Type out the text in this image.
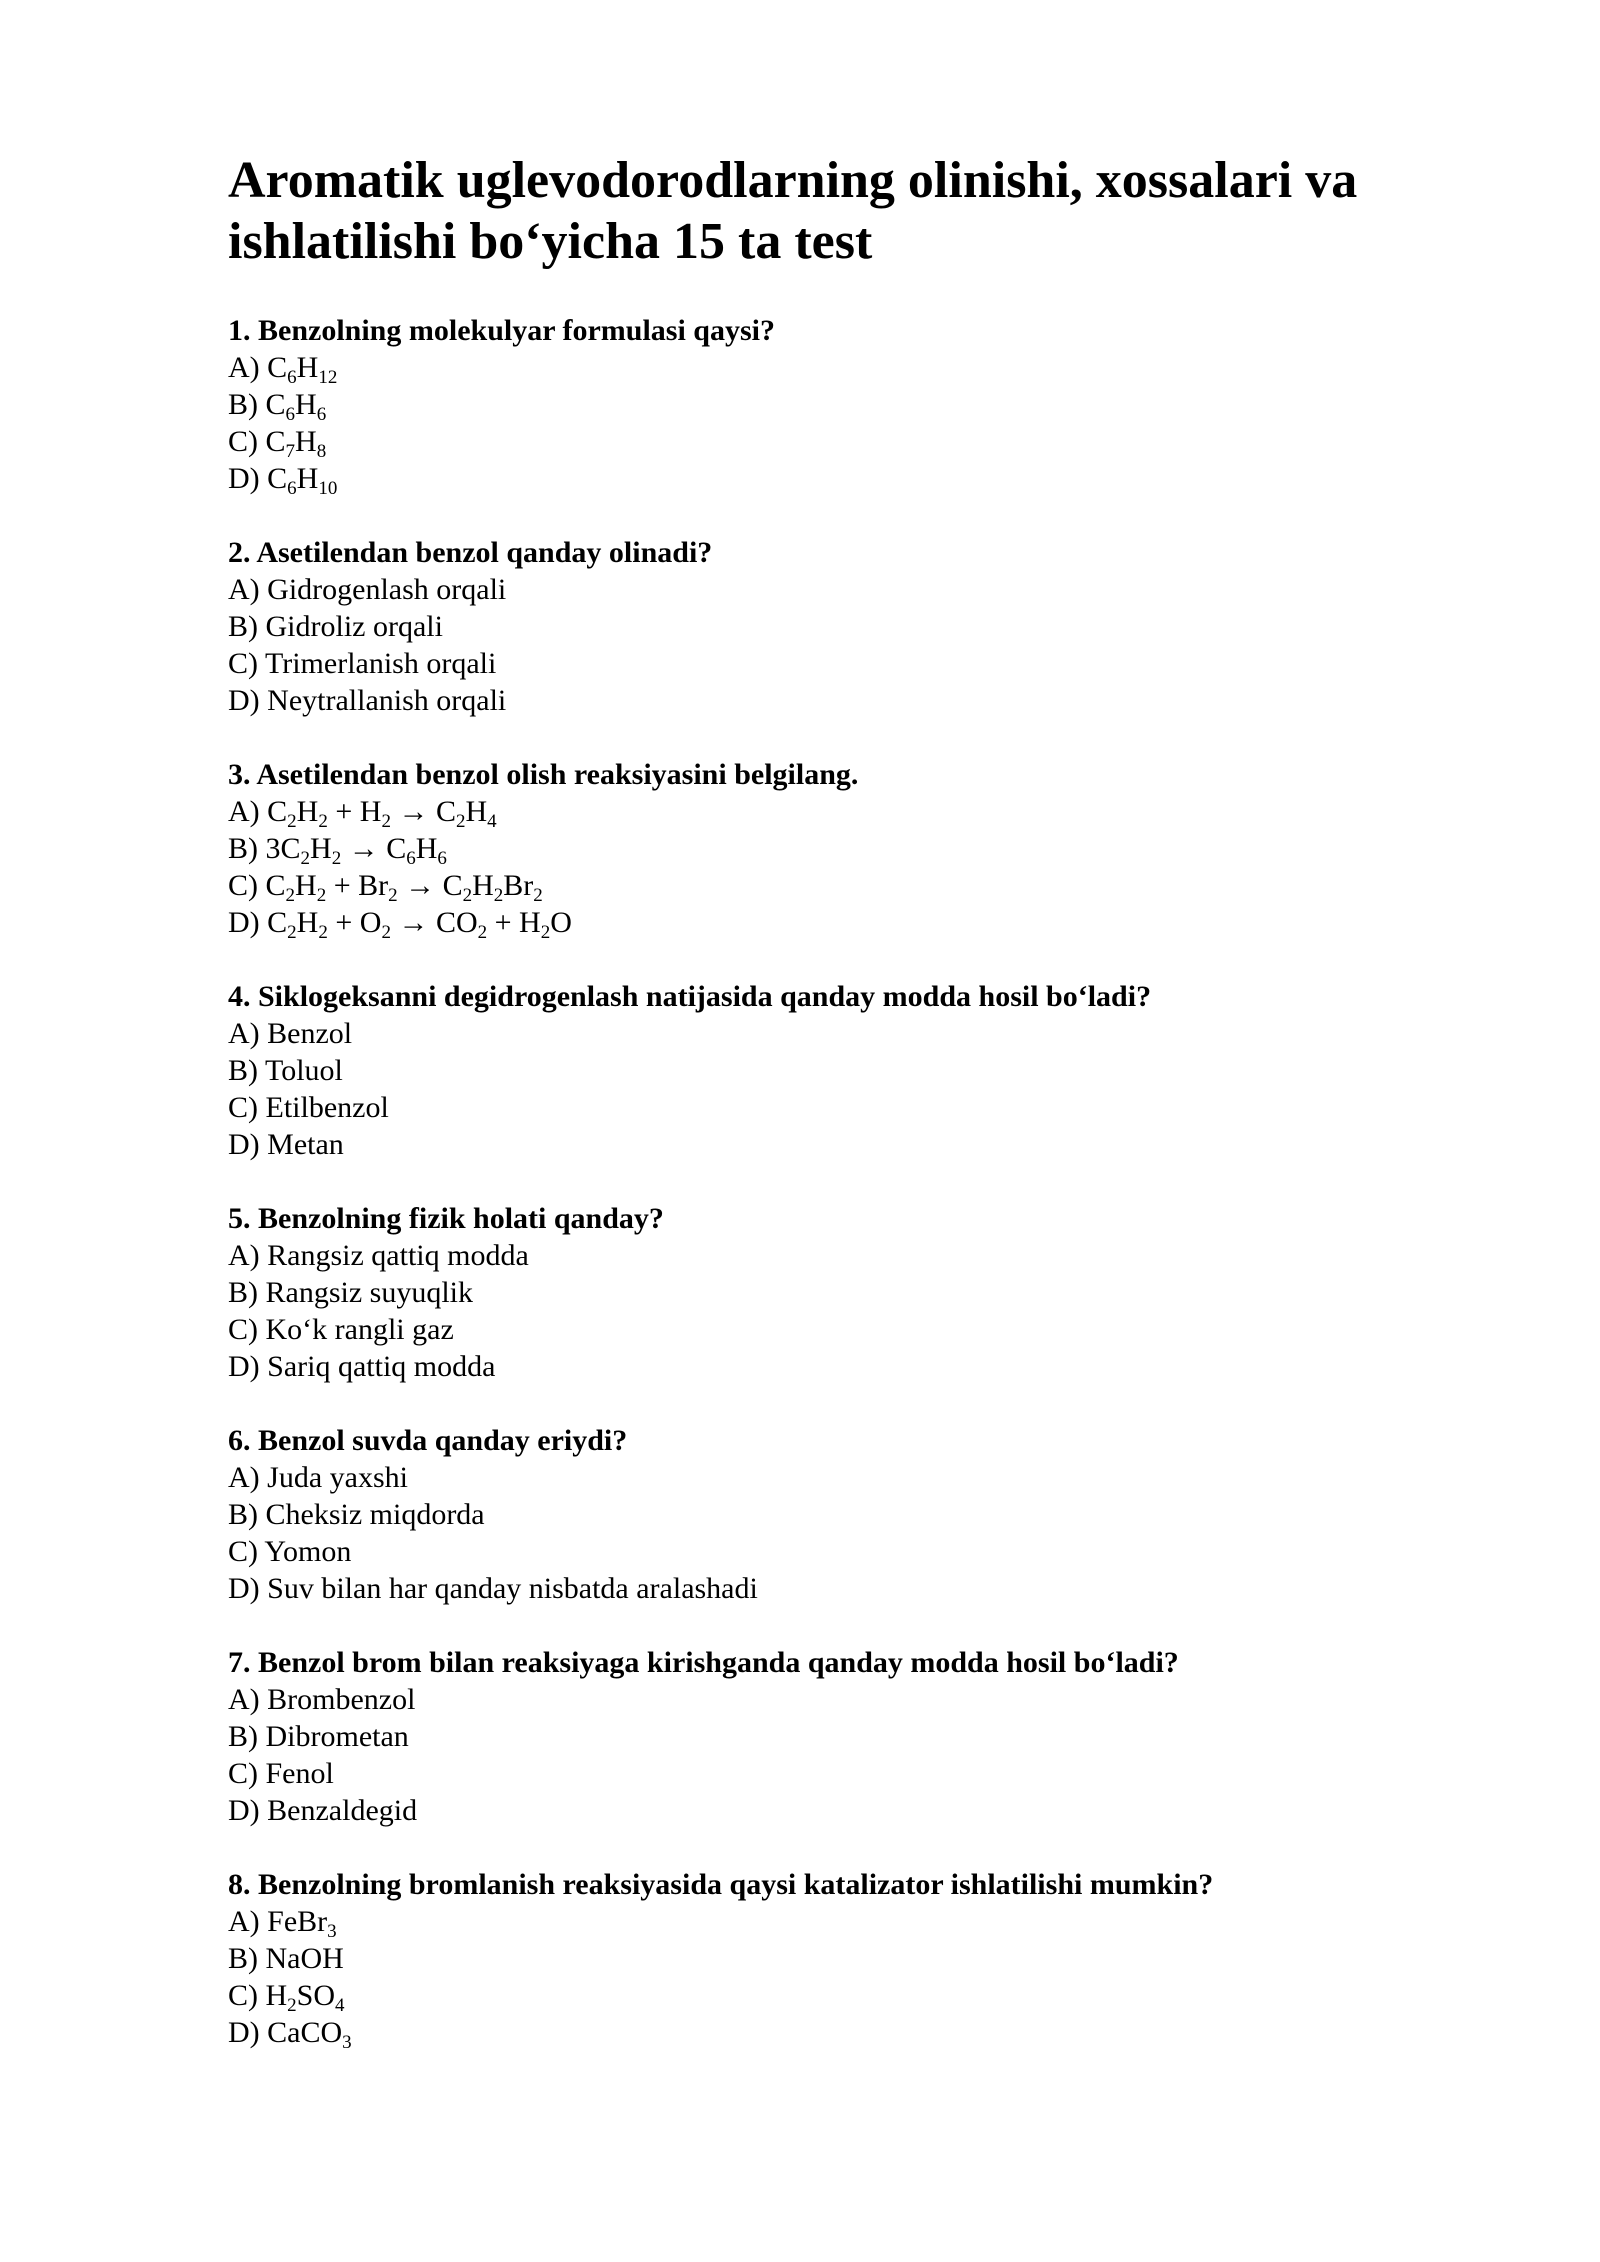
Aromatik uglevodorodlarning olinishi, xossalari va ishlatilishi bo‘yicha 15 ta test

1. Benzolning molekulyar formulasi qaysi?

A) $C_6H_{12}$

B) $C_6H_6$

C) $C_7H_8$

D) $C_6H_{10}$

2. Asetilendan benzol qanday olinadi?

A) Gidrogenlash orqali

B) Gidroliz orqali

C) Trimerlanish orqali

D) Neytrallanish orqali

3. Asetilendan benzol olish reaksiyasini belgilang.

A) $C_2H_2 + H_2 \to C_2H_4$

B) $3C_2H_2 \to C_6H_6$

C) $C_2H_2 + Br_2 \to C_2H_2Br_2$

D) $C_2H_2 + O_2 \to CO_2 + H_2O$

4. Siklogeksanni degidrogenlash natijasida qanday modda hosil bo‘ladi?

A) Benzol

B) Toluol

C) Etilbenzol

D) Metan

5. Benzolning fizik holati qanday?

A) Rangsiz qattiq modda

B) Rangsiz suyuqlik

C) Ko‘k rangli gaz

D) Sariq qattiq modda

6. Benzol suvda qanday eriydi?

A) Juda yaxshi

B) Cheksiz miqdorda

C) Yomon

D) Suv bilan har qanday nisbatda aralashadi

7. Benzol brom bilan reaksiyaga kirishganda qanday modda hosil bo‘ladi?

A) Brombenzol

B) Dibrometan

C) Fenol

D) Benzaldegid

8. Benzolning bromlanish reaksiyasida qaysi katalizator ishlatilishi mumkin?

A) FeBr$_3$

B) NaOH

C) $H_2SO_4$

D) CaCO$_3$
